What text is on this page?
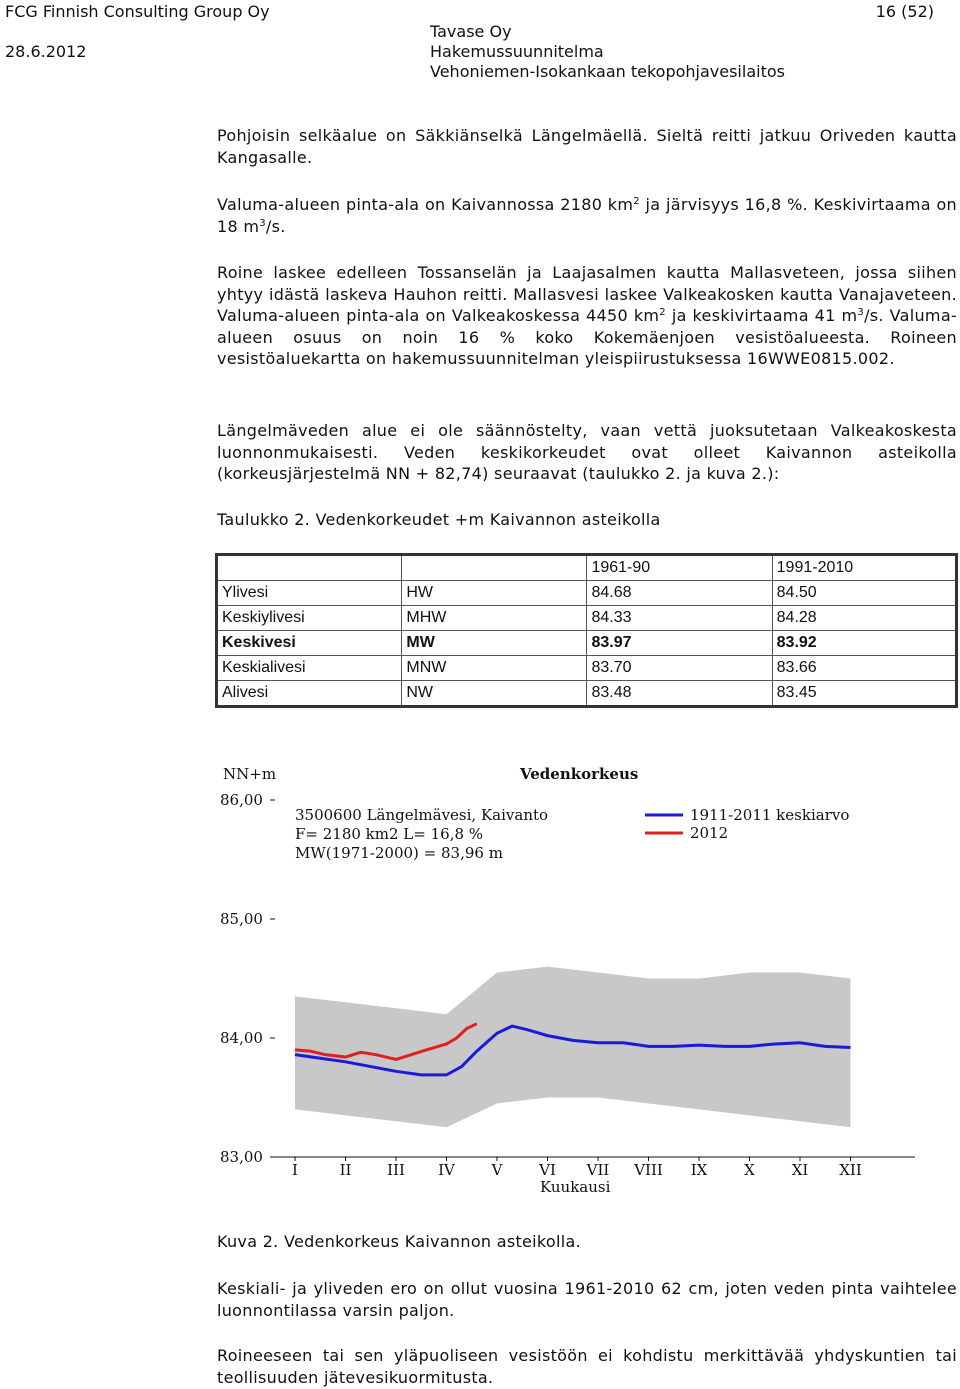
FCG Finnish Consulting Group Oy
28.6.2012
Tavase Oy
Hakemussuunnitelma
Vehoniemen-Isokankaan tekopohjavesilaitos
16 (52)

Pohjoisin selkäalue on Säkkiänselkä Längelmäellä. Sieltä reitti jatkuu Oriveden kautta Kangasalle.

Valuma-alueen pinta-ala on Kaivannossa 2180 $km^2$ ja järvisyys 16,8 %. Keskivirtaama on 18 $m^3/s$.

Roine laskee edelleen Tossanselän ja Laajasalmen kautta Mallasveteen, jossa siihen yhtyy idästä laskeva Hauhon reitti. Mallasvesi laskee Valkeakosken kautta Vanajaveteen. Valuma-alueen pinta-ala on Valkeakoskessa 4450 $km^2$ ja keskivirtaama 41 $m^3/s$. Valuma-alueen osuus on noin 16 % koko Kokemäenjoen vesistöalueesta. Roineen vesistöaluekartta on hakemussuunnitelman yleispiirustuksessa 16WWE0815.002.

Längelmäveden alue ei ole säännöstelty, vaan vettä juoksutetaan Valkeakoskesta luonnonmukaisesti. Veden keskikorkeudet ovat olleet Kaivannon asteikolla (korkeusjärjestelmä NN + 82,74) seuraavat (taulukko 2. ja kuva 2.):

Taulukko 2. Vedenkorkeudet +m Kaivannon asteikolla
		1961-90	1991-2010
Ylivesi	HW	84.68	84.50
Keskiylivesi	MHW	84.33	84.28
Keskivesi	MW	83.97	83.92
Keskialivesi	MNW	83.70	83.66
Alivesi	NW	83.48	83.45
NN+m	Vedenkorkeus
Kuukausi
83,00
84,00
85,00
86,00
I	II III IV V VI VII VIII IX X XI XII
3500600 Längelmävesi, Kaivanto
F= 2180 km2 L= 16,8 %
MW(1971-2000) = 83,96 m
1911-2011 keskiarvo
2012
Kuva 2. Vedenkorkeus Kaivannon asteikolla.

Keskiali- ja yliveden ero on ollut vuosina 1961-2010 62 cm, joten veden pinta vaihtelee luonnontilassa varsin paljon.

Roineeseen tai sen yläpuoliseen vesistöön ei kohdistu merkittävää yhdyskuntien tai teollisuuden jätevesikuormitusta.
